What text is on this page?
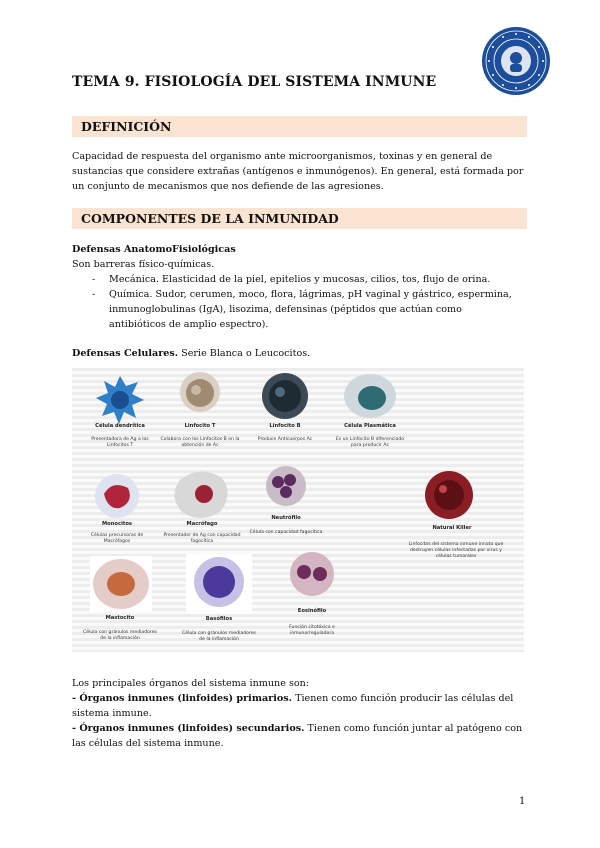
TEMA 9. FISIOLOGÍA DEL SISTEMA INMUNE
DEFINICIÓN
Capacidad de respuesta del organismo ante microorganismos, toxinas y en general de sustancias que considere extrañas (antígenos e inmunógenos). En general, está formada por un conjunto de mecanismos que nos defiende de las agresiones.
COMPONENTES DE LA INMUNIDAD
Defensas AnatomoFisiológicas
Son barreras físico-químicas.
- Mecánica. Elasticidad de la piel, epitelios y mucosas, cilios, tos, flujo de orina.
- Química. Sudor, cerumen, moco, flora, lágrimas, pH vaginal y gástrico, espermina, inmunoglobulinas (IgA), lisozima, defensinas (péptidos que actúan como antibióticos de amplio espectro).
Defensas Celulares. Serie Blanca o Leucocitos.
Célula dendrítica
Presentadora de Ag a los Linfocitos T
Linfocito T
Colabora con los Linfocitos B en la obtención de Ac
Linfocito B
Produce Anticuerpos Ac
Célula Plasmática
Es un Linfocito B diferenciado para producir Ac
Monocitos
Células precursoras de Macrófagos
Macrófago
Presentador de Ag con capacidad fagocítica
Neutrófilo
Célula con capacidad fagocítica
Natural Killer
Linfocitos del sistema inmune innato que destruyen células infectadas por virus y células tumorales
Mastocito
Célula con gránulos mediadores de la inflamación
Basófilos
Célula con gránulos mediadores de la inflamación
Eosinófilo
Función citotóxica e inmunorreguladora
Los principales órganos del sistema inmune son:
- Órganos inmunes (linfoides) primarios. Tienen como función producir las células del sistema inmune.
- Órganos inmunes (linfoides) secundarios. Tienen como función juntar al patógeno con las células del sistema inmune.
1
